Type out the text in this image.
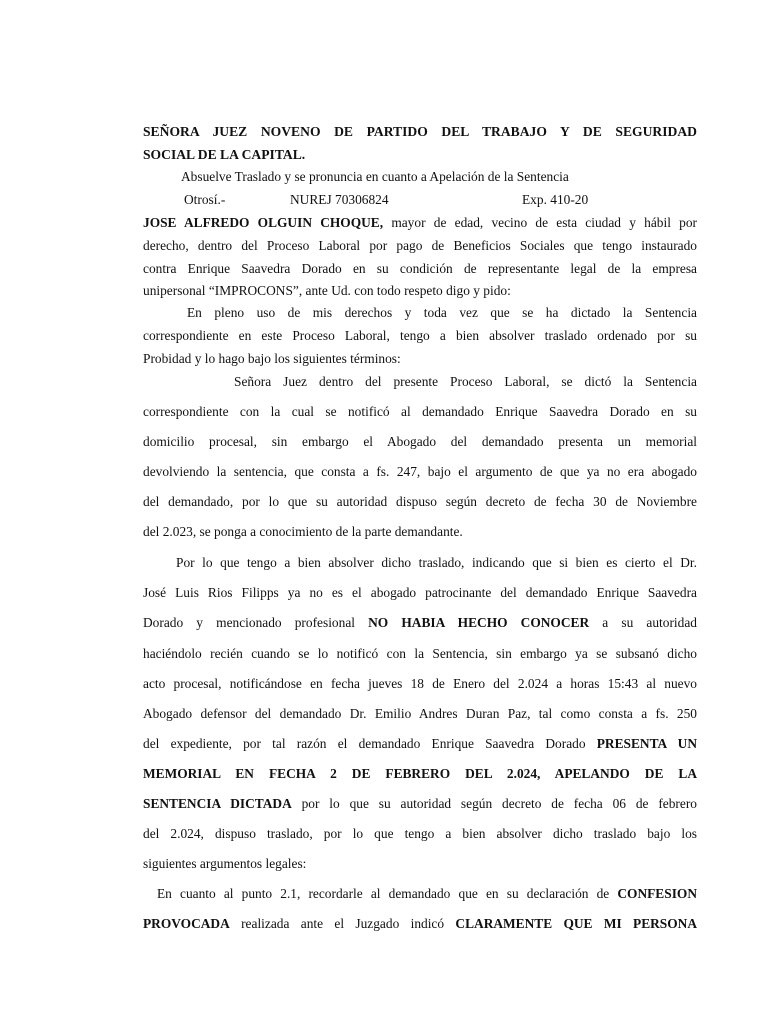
SEÑORA JUEZ NOVENO DE PARTIDO DEL TRABAJO Y DE SEGURIDAD
SOCIAL DE LA CAPITAL.
Absuelve Traslado y se pronuncia en cuanto a Apelación de la Sentencia
Otrosí.-	NUREJ 70306824	Exp. 410-20
JOSE ALFREDO OLGUIN CHOQUE, mayor de edad, vecino de esta ciudad y hábil por
derecho, dentro del Proceso Laboral por pago de Beneficios Sociales que tengo instaurado
contra Enrique Saavedra Dorado en su condición de representante legal de la empresa
unipersonal “IMPROCONS”, ante Ud. con todo respeto digo y pido:
En pleno uso de mis derechos y toda vez que se ha dictado la Sentencia
correspondiente en este Proceso Laboral, tengo a bien absolver traslado ordenado por su
Probidad y lo hago bajo los siguientes términos:
Señora Juez dentro del presente Proceso Laboral, se dictó la Sentencia
correspondiente con la cual se notificó al demandado Enrique Saavedra Dorado en su
domicilio procesal, sin embargo el Abogado del demandado presenta un memorial
devolviendo la sentencia, que consta a fs. 247, bajo el argumento de que ya no era abogado
del demandado, por lo que su autoridad dispuso según decreto de fecha 30 de Noviembre
del 2.023, se ponga a conocimiento de la parte demandante.
Por lo que tengo a bien absolver dicho traslado, indicando que si bien es cierto el Dr.
José Luis Rios Filipps ya no es el abogado patrocinante del demandado Enrique Saavedra
Dorado y mencionado profesional NO HABIA HECHO CONOCER a su autoridad
haciéndolo recién cuando se lo notificó con la Sentencia, sin embargo ya se subsanó dicho
acto procesal, notificándose en fecha jueves 18 de Enero del 2.024 a horas 15:43 al nuevo
Abogado defensor del demandado Dr. Emilio Andres Duran Paz, tal como consta a fs. 250
del expediente, por tal razón el demandado Enrique Saavedra Dorado PRESENTA UN
MEMORIAL EN FECHA 2 DE FEBRERO DEL 2.024, APELANDO DE LA
SENTENCIA DICTADA por lo que su autoridad según decreto de fecha 06 de febrero
del 2.024, dispuso traslado, por lo que tengo a bien absolver dicho traslado bajo los
siguientes argumentos legales:
En cuanto al punto 2.1, recordarle al demandado que en su declaración de CONFESION
PROVOCADA realizada ante el Juzgado indicó CLARAMENTE QUE MI PERSONA
